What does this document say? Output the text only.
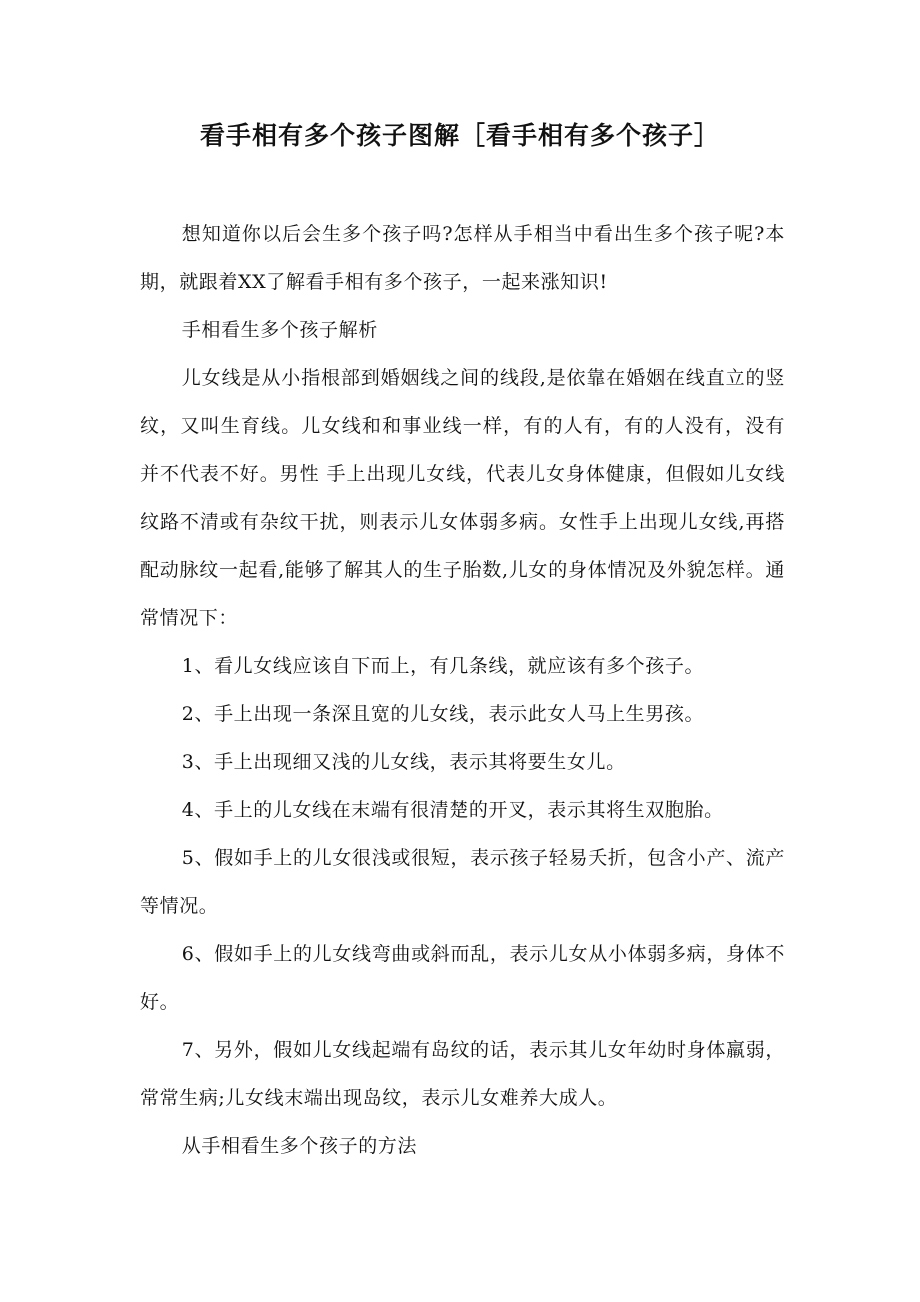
看手相有多个孩子图解［看手相有多个孩子］

想知道你以后会生多个孩子吗?怎样从手相当中看出生多个孩子呢?本期，就跟着XX了解看手相有多个孩子，一起来涨知识!

手相看生多个孩子解析

儿女线是从小指根部到婚姻线之间的线段,是依靠在婚姻在线直立的竖纹，又叫生育线。儿女线和和事业线一样，有的人有，有的人没有，没有并不代表不好。男性 手上出现儿女线，代表儿女身体健康，但假如儿女线纹路不清或有杂纹干扰，则表示儿女体弱多病。女性手上出现儿女线,再搭配动脉纹一起看,能够了解其人的生子胎数,儿女的身体情况及外貌怎样。通常情况下：

1、看儿女线应该自下而上，有几条线，就应该有多个孩子。

2、手上出现一条深且宽的儿女线，表示此女人马上生男孩。

3、手上出现细又浅的儿女线，表示其将要生女儿。

4、手上的儿女线在末端有很清楚的开叉，表示其将生双胞胎。

5、假如手上的儿女很浅或很短，表示孩子轻易夭折，包含小产、流产等情况。

6、假如手上的儿女线弯曲或斜而乱，表示儿女从小体弱多病，身体不好。

7、另外，假如儿女线起端有岛纹的话，表示其儿女年幼时身体羸弱，常常生病;儿女线末端出现岛纹，表示儿女难养大成人。

从手相看生多个孩子的方法
